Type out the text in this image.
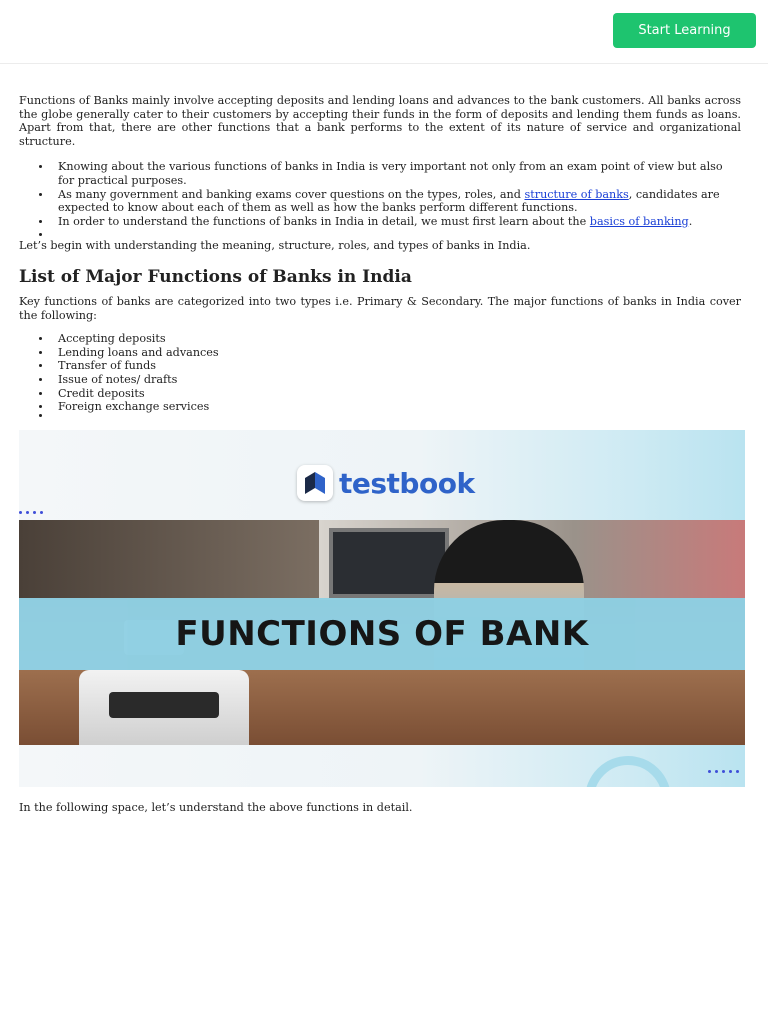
Start Learning

Functions of Banks mainly involve accepting deposits and lending loans and advances to the bank customers. All banks across the globe generally cater to their customers by accepting their funds in the form of deposits and lending them funds as loans. Apart from that, there are other functions that a bank performs to the extent of its nature of service and organizational structure.

Knowing about the various functions of banks in India is very important not only from an exam point of view but also for practical purposes.
As many government and banking exams cover questions on the types, roles, and structure of banks, candidates are expected to know about each of them as well as how the banks perform different functions.
In order to understand the functions of banks in India in detail, we must first learn about the basics of banking.

Let’s begin with understanding the meaning, structure, roles, and types of banks in India.

List of Major Functions of Banks in India

Key functions of banks are categorized into two types i.e. Primary & Secondary. The major functions of banks in India cover the following:

Accepting deposits
Lending loans and advances
Transfer of funds
Issue of notes/ drafts
Credit deposits
Foreign exchange services
testbook
FUNCTIONS OF BANK

In the following space, let’s understand the above functions in detail.
